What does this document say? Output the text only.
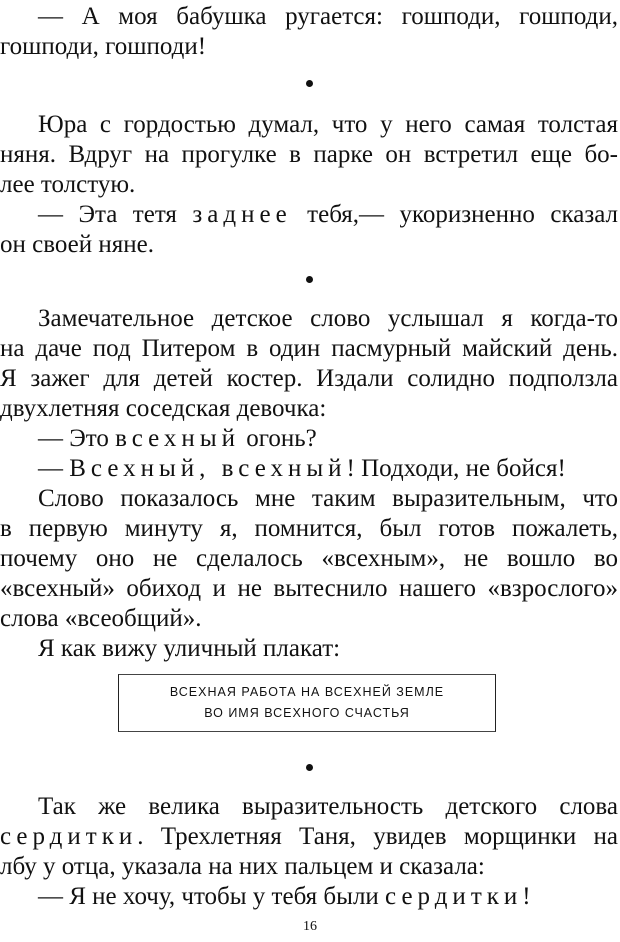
— А моя бабушка ругается: гошподи, гошподи,
гошподи, гошподи!
Юра с гордостью думал, что у него самая толстая
няня. Вдруг на прогулке в парке он встретил еще бо-
лее толстую.
— Эта тетя заднее тебя,— укоризненно сказал
он своей няне.
Замечательное детское слово услышал я когда-то
на даче под Питером в один пасмурный майский день.
Я зажег для детей костер. Издали солидно подползла
двухлетняя соседская девочка:
— Это всехный огонь?
— Всехный, всехный! Подходи, не бойся!
Слово показалось мне таким выразительным, что
в первую минуту я, помнится, был готов пожалеть,
почему оно не сделалось «всехным», не вошло во
«всехный» обиход и не вытеснило нашего «взрослого»
слова «всеобщий».
Я как вижу уличный плакат:
ВСЕХНАЯ РАБОТА НА ВСЕХНЕЙ ЗЕМЛЕ
ВО ИМЯ ВСЕХНОГО СЧАСТЬЯ
Так же велика выразительность детского слова
сердитки. Трехлетняя Таня, увидев морщинки на
лбу у отца, указала на них пальцем и сказала:
— Я не хочу, чтобы у тебя были сердитки!
16
